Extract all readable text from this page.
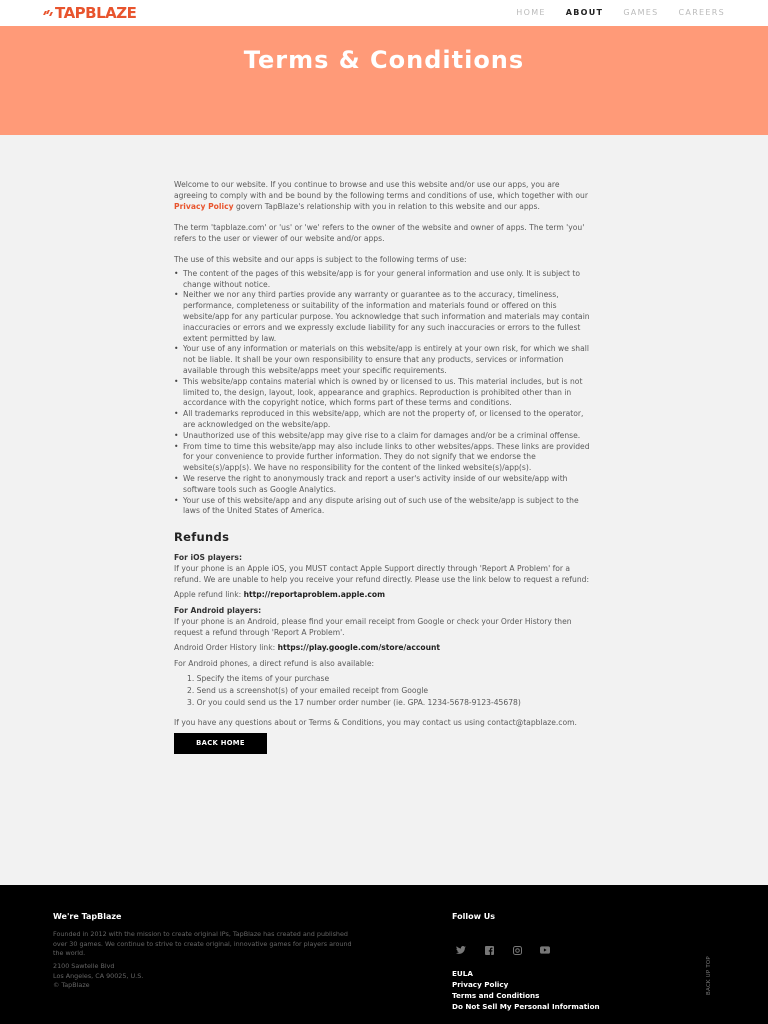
TAPBLAZE	HOME	ABOUT	GAMES	CAREERS
Terms & Conditions

Welcome to our website. If you continue to browse and use this website and/or use our apps, you are agreeing to comply with and be bound by the following terms and conditions of use, which together with our Privacy Policy govern TapBlaze's relationship with you in relation to this website and our apps.

The term 'tapblaze.com' or 'us' or 'we' refers to the owner of the website and owner of apps. The term 'you' refers to the user or viewer of our website and/or apps.

The use of this website and our apps is subject to the following terms of use:

• The content of the pages of this website/app is for your general information and use only. It is subject to change without notice.
• Neither we nor any third parties provide any warranty or guarantee as to the accuracy, timeliness, performance, completeness or suitability of the information and materials found or offered on this website/app for any particular purpose. You acknowledge that such information and materials may contain inaccuracies or errors and we expressly exclude liability for any such inaccuracies or errors to the fullest extent permitted by law.
• Your use of any information or materials on this website/app is entirely at your own risk, for which we shall not be liable. It shall be your own responsibility to ensure that any products, services or information available through this website/apps meet your specific requirements.
• This website/app contains material which is owned by or licensed to us. This material includes, but is not limited to, the design, layout, look, appearance and graphics. Reproduction is prohibited other than in accordance with the copyright notice, which forms part of these terms and conditions.
• All trademarks reproduced in this website/app, which are not the property of, or licensed to the operator, are acknowledged on the website/app.
• Unauthorized use of this website/app may give rise to a claim for damages and/or be a criminal offense.
• From time to time this website/app may also include links to other websites/apps. These links are provided for your convenience to provide further information. They do not signify that we endorse the website(s)/app(s). We have no responsibility for the content of the linked website(s)/app(s).
• We reserve the right to anonymously track and report a user's activity inside of our website/app with software tools such as Google Analytics.
• Your use of this website/app and any dispute arising out of such use of the website/app is subject to the laws of the United States of America.
Refunds
For iOS players:

If your phone is an Apple iOS, you MUST contact Apple Support directly through 'Report A Problem' for a refund. We are unable to help you receive your refund directly. Please use the link below to request a refund:

Apple refund link: http://reportaproblem.apple.com

For Android players:

If your phone is an Android, please find your email receipt from Google or check your Order History then request a refund through 'Report A Problem'.

Android Order History link: https://play.google.com/store/account

For Android phones, a direct refund is also available:

1. Specify the items of your purchase
2. Send us a screenshot(s) of your emailed receipt from Google
3. Or you could send us the 17 number order number (ie. GPA. 1234-5678-9123-45678)

If you have any questions about or Terms & Conditions, you may contact us using contact@tapblaze.com.

BACK HOME
We're TapBlaze
Founded in 2012 with the mission to create original IPs, TapBlaze has created and published over 30 games. We continue to strive to create original, innovative games for players around the world.
2100 Sawtelle Blvd
Los Angeles, CA 90025, U.S.
© TapBlaze
Follow Us
EULA
Privacy Policy
Terms and Conditions
Do Not Sell My Personal Information
BACK UP TOP
